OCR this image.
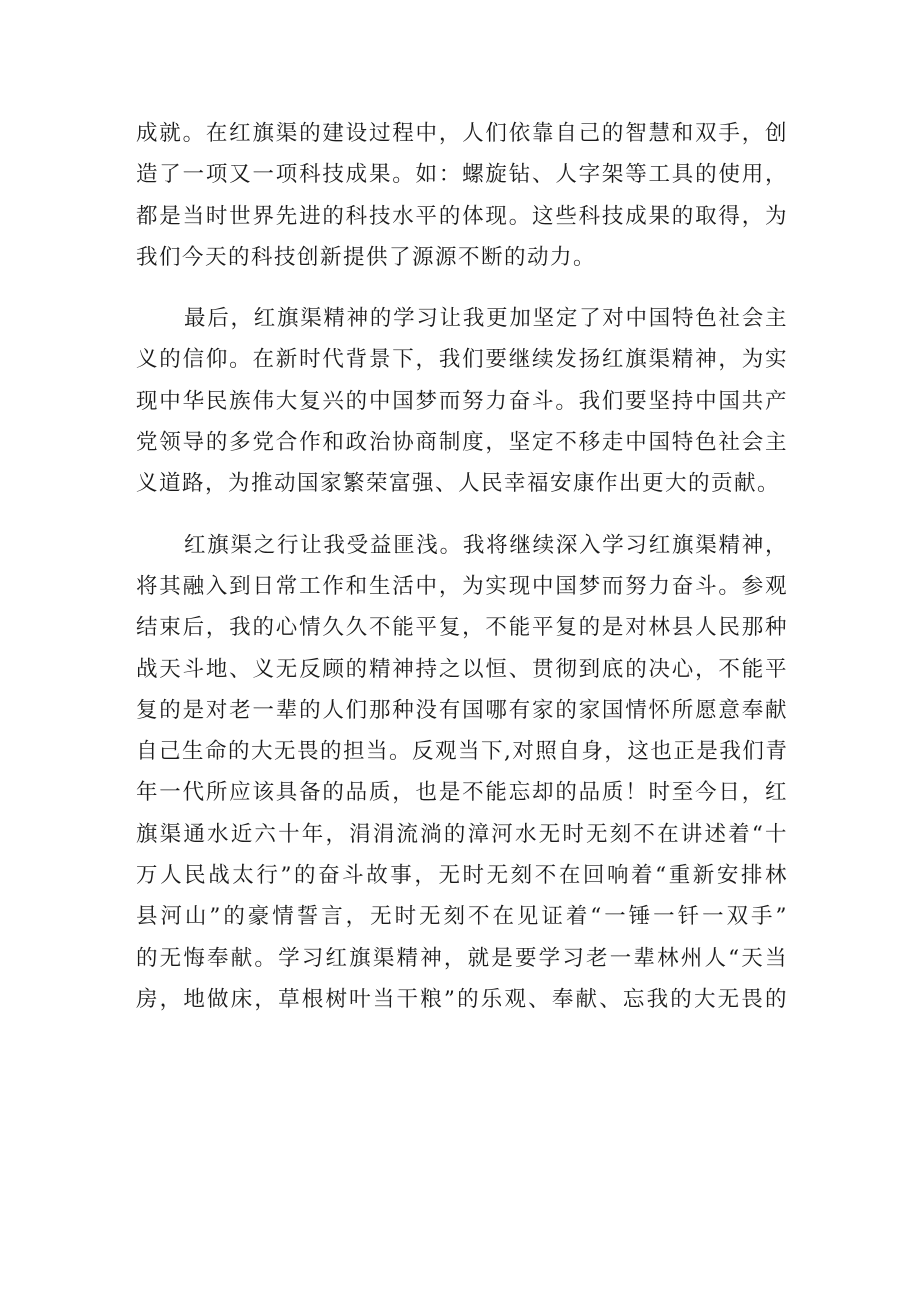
成就。在红旗渠的建设过程中，人们依靠自己的智慧和双手，创
造了一项又一项科技成果。如：螺旋钻、人字架等工具的使用，
都是当时世界先进的科技水平的体现。这些科技成果的取得，为
我们今天的科技创新提供了源源不断的动力。
最后，红旗渠精神的学习让我更加坚定了对中国特色社会主
义的信仰。在新时代背景下，我们要继续发扬红旗渠精神，为实
现中华民族伟大复兴的中国梦而努力奋斗。我们要坚持中国共产
党领导的多党合作和政治协商制度，坚定不移走中国特色社会主
义道路，为推动国家繁荣富强、人民幸福安康作出更大的贡献。
红旗渠之行让我受益匪浅。我将继续深入学习红旗渠精神，
将其融入到日常工作和生活中，为实现中国梦而努力奋斗。参观
结束后，我的心情久久不能平复，不能平复的是对林县人民那种
战天斗地、义无反顾的精神持之以恒、贯彻到底的决心，不能平
复的是对老一辈的人们那种没有国哪有家的家国情怀所愿意奉献
自己生命的大无畏的担当。反观当下,对照自身，这也正是我们青
年一代所应该具备的品质，也是不能忘却的品质！时至今日，红
旗渠通水近六十年，涓涓流淌的漳河水无时无刻不在讲述着“十
万人民战太行”的奋斗故事，无时无刻不在回响着“重新安排林
县河山”的豪情誓言，无时无刻不在见证着“一锤一钎一双手”
的无悔奉献。学习红旗渠精神，就是要学习老一辈林州人“天当
房，地做床，草根树叶当干粮”的乐观、奉献、忘我的大无畏的
